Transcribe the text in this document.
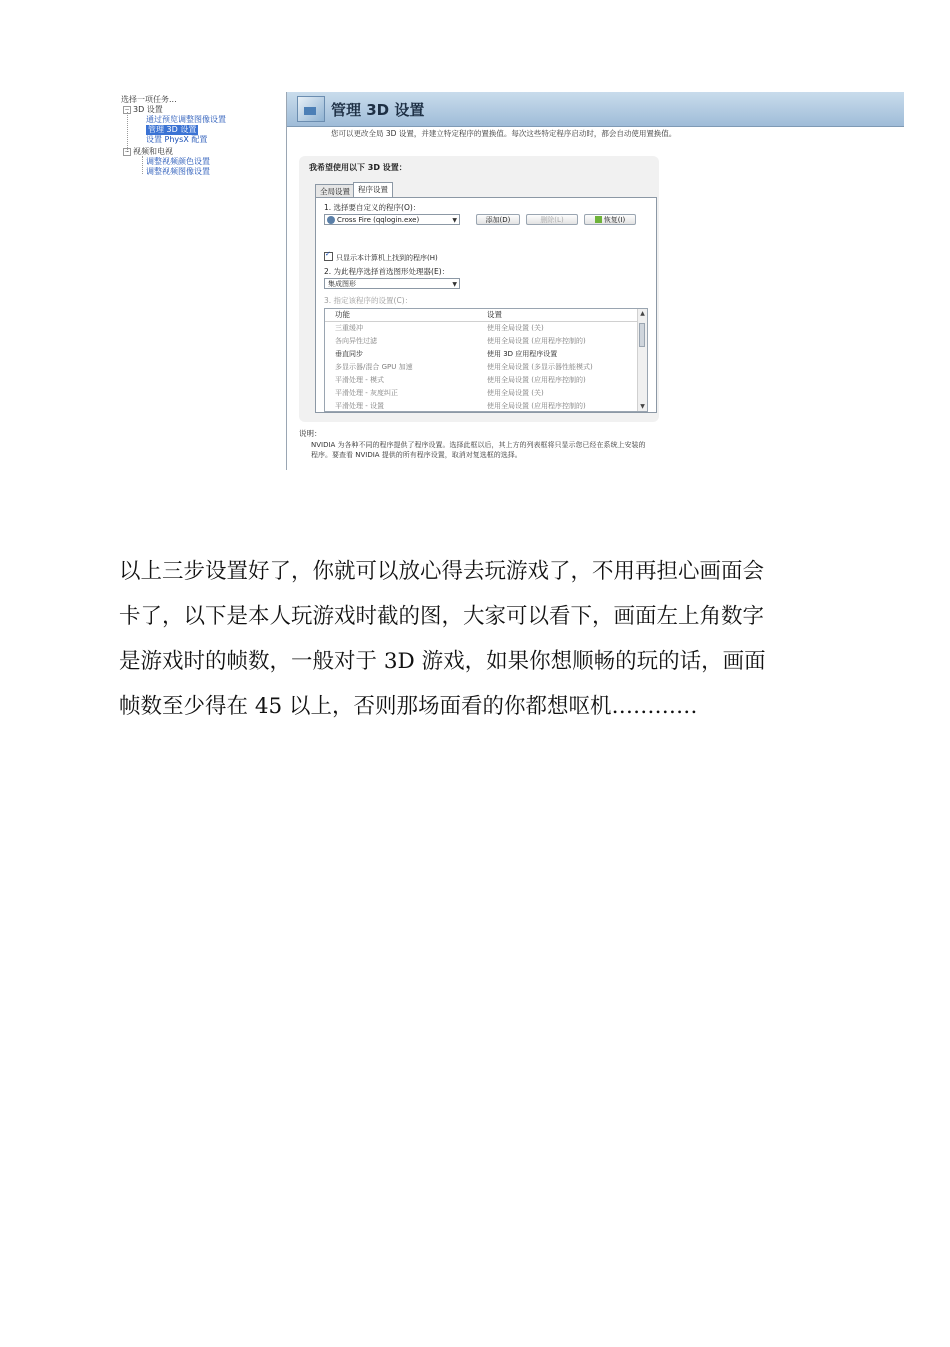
选择一项任务...
− 3D 设置
通过预览调整图像设置
管理 3D 设置
设置 PhysX 配置
− 视频和电视
调整视频颜色设置
调整视频图像设置
管理 3D 设置
您可以更改全局 3D 设置，并建立特定程序的置换值。每次这些特定程序启动时，都会自动使用置换值。
我希望使用以下 3D 设置：
全局设置	程序设置
1. 选择要自定义的程序(O)：
Cross Fire (qqlogin.exe)	▼	添加(D)	删除(L)	恢复(I)
✓只显示本计算机上找到的程序(H)
2. 为此程序选择首选图形处理器(E)：
集成图形	▼
3. 指定该程序的设置(C)：
功能	设置
三重缓冲	使用全局设置 (关)
各向异性过滤	使用全局设置 (应用程序控制的)
垂直同步	使用 3D 应用程序设置
多显示器/混合 GPU 加速	使用全局设置 (多显示器性能模式)
平滑处理 - 模式	使用全局设置 (应用程序控制的)
平滑处理 - 灰度纠正	使用全局设置 (关)
平滑处理 - 设置	使用全局设置 (应用程序控制的)
▲
▼
说明：
NVIDIA 为各种不同的程序提供了程序设置。选择此框以后，其上方的列表框将只显示您已经在系统上安装的
程序。要查看 NVIDIA 提供的所有程序设置，取消对复选框的选择。
以上三步设置好了，你就可以放心得去玩游戏了，不用再担心画面会
卡了，以下是本人玩游戏时截的图，大家可以看下，画面左上角数字
是游戏时的帧数，一般对于 3D 游戏，如果你想顺畅的玩的话，画面
帧数至少得在 45 以上，否则那场面看的你都想呕机…………
